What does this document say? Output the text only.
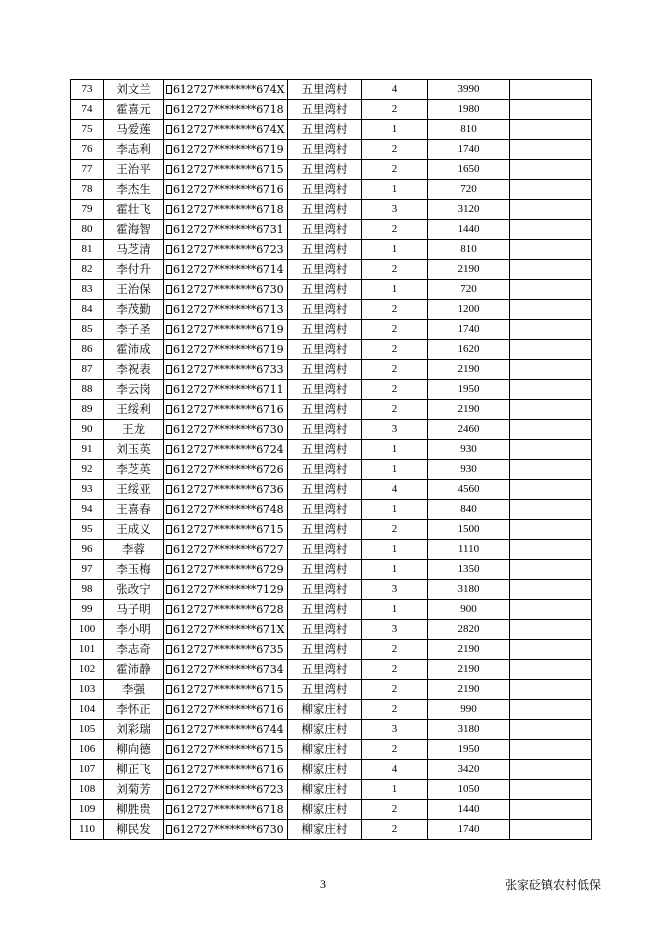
73	刘文兰	612727********674X	五里湾村	4	3990	
74	霍喜元	612727********6718	五里湾村	2	1980	
75	马爱莲	612727********674X	五里湾村	1	810	
76	李志利	612727********6719	五里湾村	2	1740	
77	王治平	612727********6715	五里湾村	2	1650	
78	李杰生	612727********6716	五里湾村	1	720	
79	霍壮飞	612727********6718	五里湾村	3	3120	
80	霍海智	612727********6731	五里湾村	2	1440	
81	马芝清	612727********6723	五里湾村	1	810	
82	李付升	612727********6714	五里湾村	2	2190	
83	王治保	612727********6730	五里湾村	1	720	
84	李茂勤	612727********6713	五里湾村	2	1200	
85	李子圣	612727********6719	五里湾村	2	1740	
86	霍沛成	612727********6719	五里湾村	2	1620	
87	李祝表	612727********6733	五里湾村	2	2190	
88	李云岗	612727********6711	五里湾村	2	1950	
89	王绥利	612727********6716	五里湾村	2	2190	
90	王龙	612727********6730	五里湾村	3	2460	
91	刘玉英	612727********6724	五里湾村	1	930	
92	李芝英	612727********6726	五里湾村	1	930	
93	王绥亚	612727********6736	五里湾村	4	4560	
94	王喜春	612727********6748	五里湾村	1	840	
95	王成义	612727********6715	五里湾村	2	1500	
96	李蓉	612727********6727	五里湾村	1	1110	
97	李玉梅	612727********6729	五里湾村	1	1350	
98	张改宁	612727********7129	五里湾村	3	3180	
99	马子明	612727********6728	五里湾村	1	900	
100	李小明	612727********671X	五里湾村	3	2820	
101	李志奇	612727********6735	五里湾村	2	2190	
102	霍沛静	612727********6734	五里湾村	2	2190	
103	李强	612727********6715	五里湾村	2	2190	
104	李怀正	612727********6716	柳家庄村	2	990	
105	刘彩瑞	612727********6744	柳家庄村	3	3180	
106	柳向德	612727********6715	柳家庄村	2	1950	
107	柳正飞	612727********6716	柳家庄村	4	3420	
108	刘菊芳	612727********6723	柳家庄村	1	1050	
109	柳胜贵	612727********6718	柳家庄村	2	1440	
110	柳民发	612727********6730	柳家庄村	2	1740	
3	张家砭镇农村低保
